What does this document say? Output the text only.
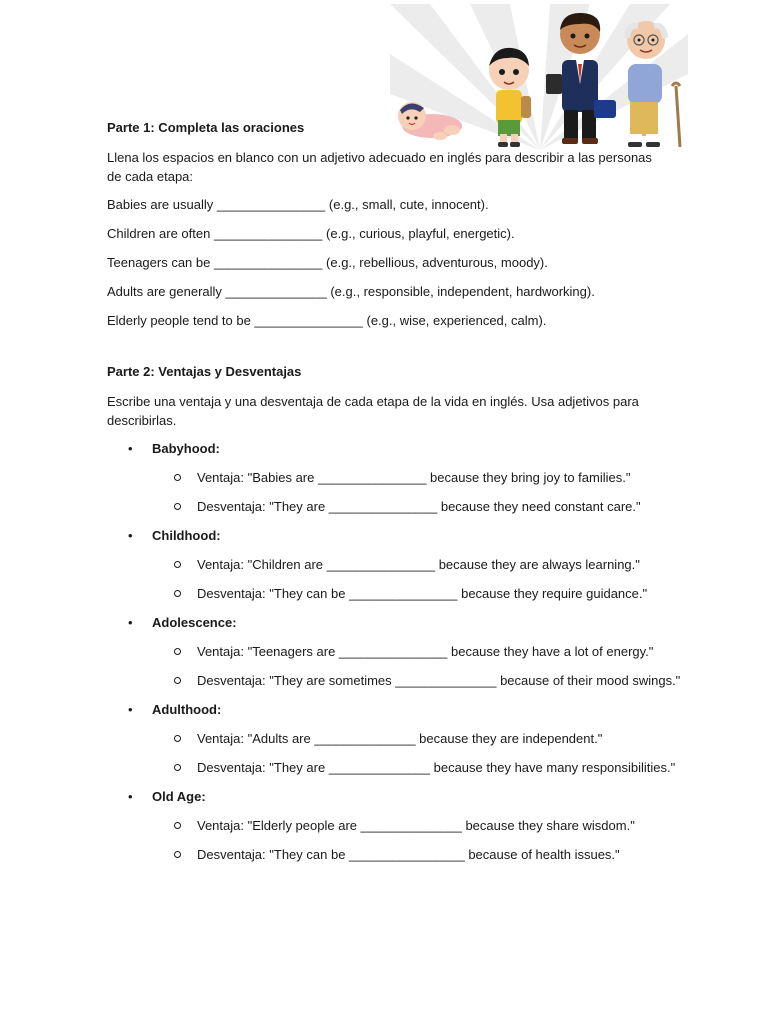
Parte 1: Completa las oraciones
Llena los espacios en blanco con un adjetivo adecuado en inglés para describir a las personas de cada etapa:
Babies are usually _______________ (e.g., small, cute, innocent).
Children are often _______________ (e.g., curious, playful, energetic).
Teenagers can be _______________ (e.g., rebellious, adventurous, moody).
Adults are generally ______________ (e.g., responsible, independent, hardworking).
Elderly people tend to be _______________ (e.g., wise, experienced, calm).
Parte 2: Ventajas y Desventajas
Escribe una ventaja y una desventaja de cada etapa de la vida en inglés. Usa adjetivos para describirlas.
• Babyhood:
Ventaja: "Babies are _______________ because they bring joy to families."
Desventaja: "They are _______________ because they need constant care."
• Childhood:
Ventaja: "Children are _______________ because they are always learning."
Desventaja: "They can be _______________ because they require guidance."
• Adolescence:
Ventaja: "Teenagers are _______________ because they have a lot of energy."
Desventaja: "They are sometimes ______________ because of their mood swings."
• Adulthood:
Ventaja: "Adults are ______________ because they are independent."
Desventaja: "They are ______________ because they have many responsibilities."
• Old Age:
Ventaja: "Elderly people are ______________ because they share wisdom."
Desventaja: "They can be ________________ because of health issues."
